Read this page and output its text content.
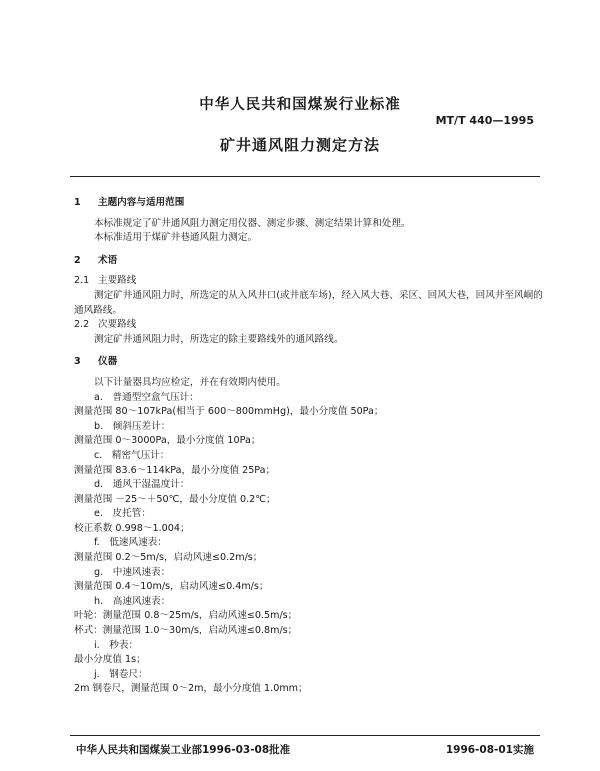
中华人民共和国煤炭行业标准
MT/T 440—1995
矿井通风阻力测定方法
1 主题内容与适用范围
本标准规定了矿井通风阻力测定用仪器、测定步骤、测定结果计算和处理。
本标准适用于煤矿井巷通风阻力测定。
2 术语
2.1 主要路线
测定矿井通风阻力时，所选定的从入风井口(或井底车场)，经入风大巷、采区、回风大巷，回风井至风峒的通风路线。
2.2 次要路线
测定矿井通风阻力时，所选定的除主要路线外的通风路线。
3 仪器
以下计量器具均应检定，并在有效期内使用。
a.　普通型空盒气压计：
测量范围 80～107kPa(相当于 600～800mmHg)，最小分度值 50Pa；
b.　倾斜压差计：
测量范围 0～3000Pa，最小分度值 10Pa；
c.　精密气压计：
测量范围 83.6～114kPa，最小分度值 25Pa；
d.　通风干湿温度计：
测量范围 －25～＋50℃，最小分度值 0.2℃；
e.　皮托管：
校正系数 0.998～1.004；
f.　低速风速表：
测量范围 0.2～5m/s，启动风速≤0.2m/s；
g.　中速风速表：
测量范围 0.4～10m/s，启动风速≤0.4m/s；
h.　高速风速表：
叶轮：测量范围 0.8～25m/s，启动风速≤0.5m/s；
杯式：测量范围 1.0～30m/s，启动风速≤0.8m/s；
i.　秒表：
最小分度值 1s；
j.　钢卷尺：
2m 钢卷尺，测量范围 0～2m，最小分度值 1.0mm；
中华人民共和国煤炭工业部1996-03-08批准	1996-08-01实施
